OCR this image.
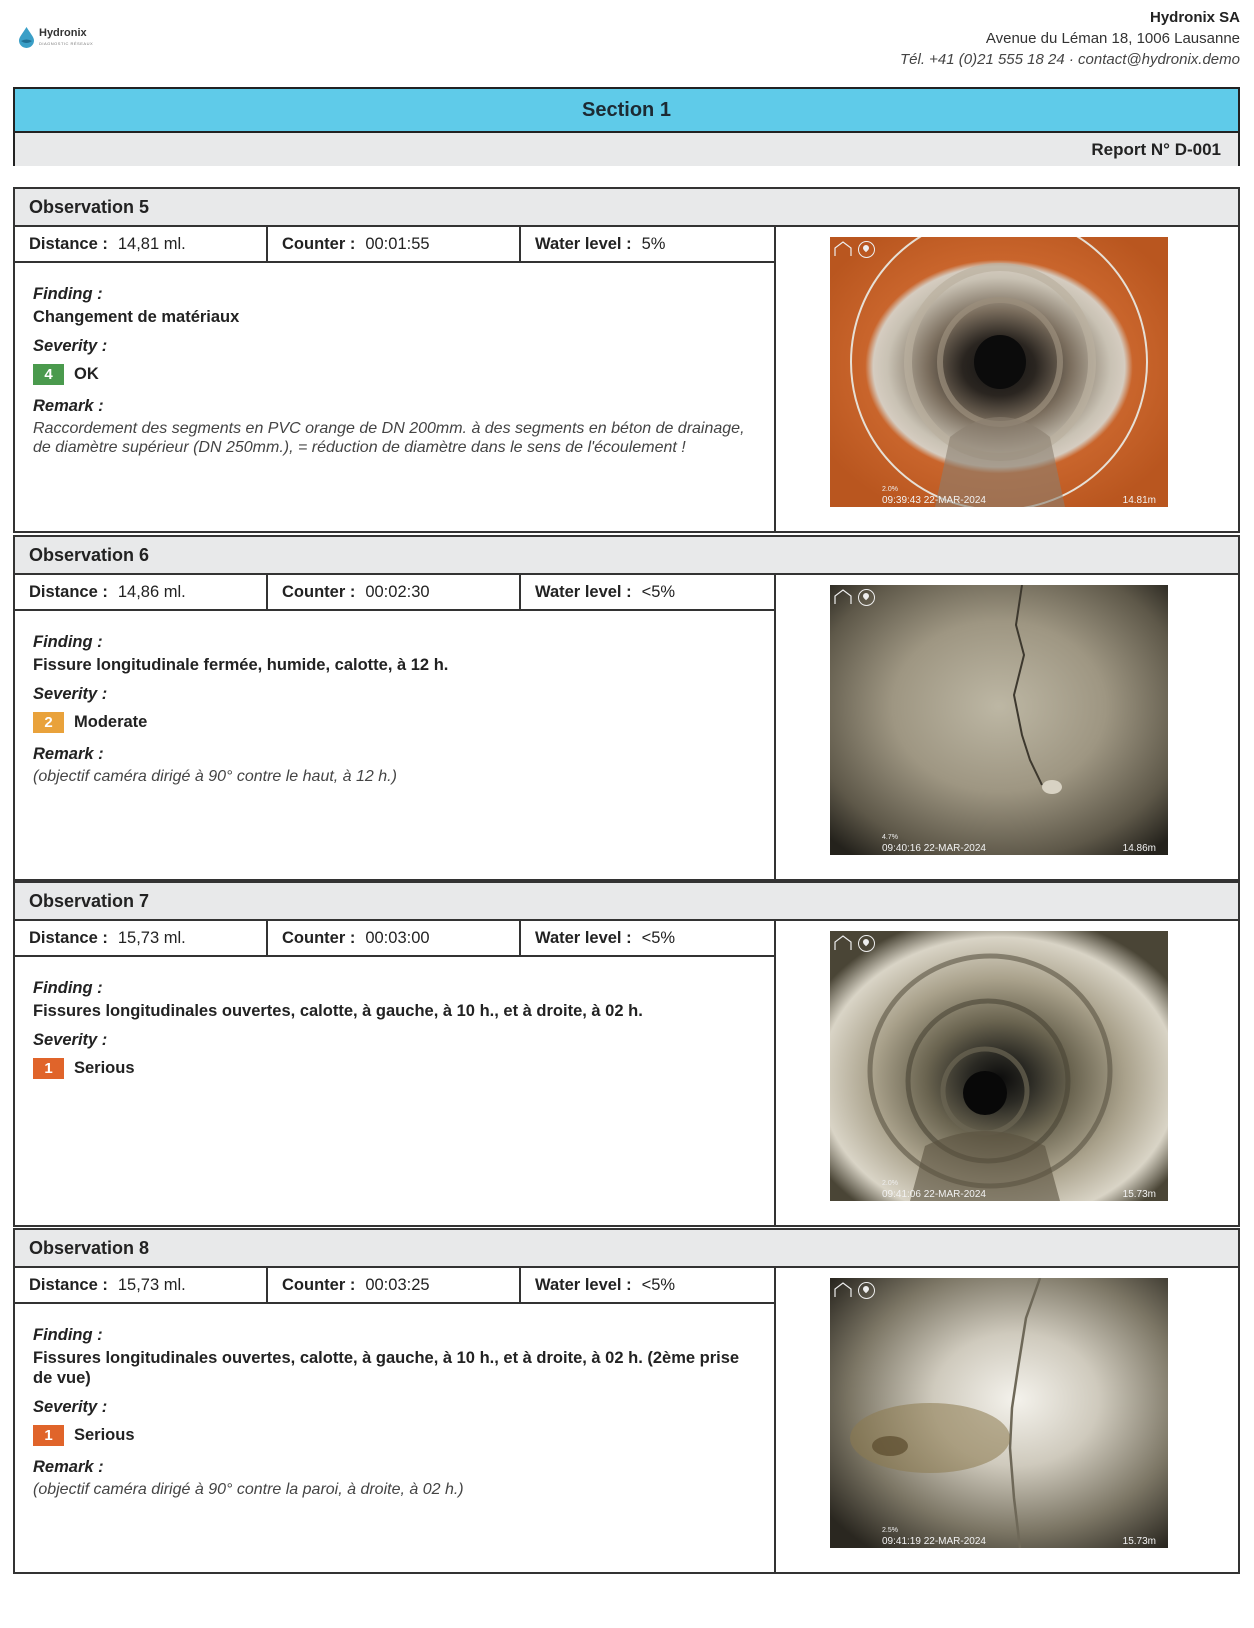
Hydronix
DIAGNOSTIC RÉSEAUX
Hydronix SA
Avenue du Léman 18, 1006 Lausanne
Tél. +41 (0)21 555 18 24 · contact@hydronix.demo
Section 1
Report N° D-001
Observation 5
Distance : 14,81 ml.	Counter : 00:01:55	Water level : 5%
Finding :
Changement de matériaux
Severity :
4	OK
Remark :
Raccordement des segments en PVC orange de DN 200mm. à des segments en béton de drainage, de diamètre supérieur (DN 250mm.), = réduction de diamètre dans le sens de l'écoulement !
2.0%
09:39:43 22-MAR-2024	14.81m
Observation 6
Distance : 14,86 ml.	Counter : 00:02:30	Water level : <5%
Finding :
Fissure longitudinale fermée, humide, calotte, à 12 h.
Severity :
2	Moderate
Remark :
(objectif caméra dirigé à 90° contre le haut, à 12 h.)
4.7%
09:40:16 22-MAR-2024	14.86m
Observation 7
Distance : 15,73 ml.	Counter : 00:03:00	Water level : <5%
Finding :
Fissures longitudinales ouvertes, calotte, à gauche, à 10 h., et à droite, à 02 h.
Severity :
1	Serious
2.0%
09:41:06 22-MAR-2024	15.73m
Observation 8
Distance : 15,73 ml.	Counter : 00:03:25	Water level : <5%
Finding :
Fissures longitudinales ouvertes, calotte, à gauche, à 10 h., et à droite, à 02 h. (2ème prise de vue)
Severity :
1	Serious
Remark :
(objectif caméra dirigé à 90° contre la paroi, à droite, à 02 h.)
2.5%
09:41:19 22-MAR-2024	15.73m
